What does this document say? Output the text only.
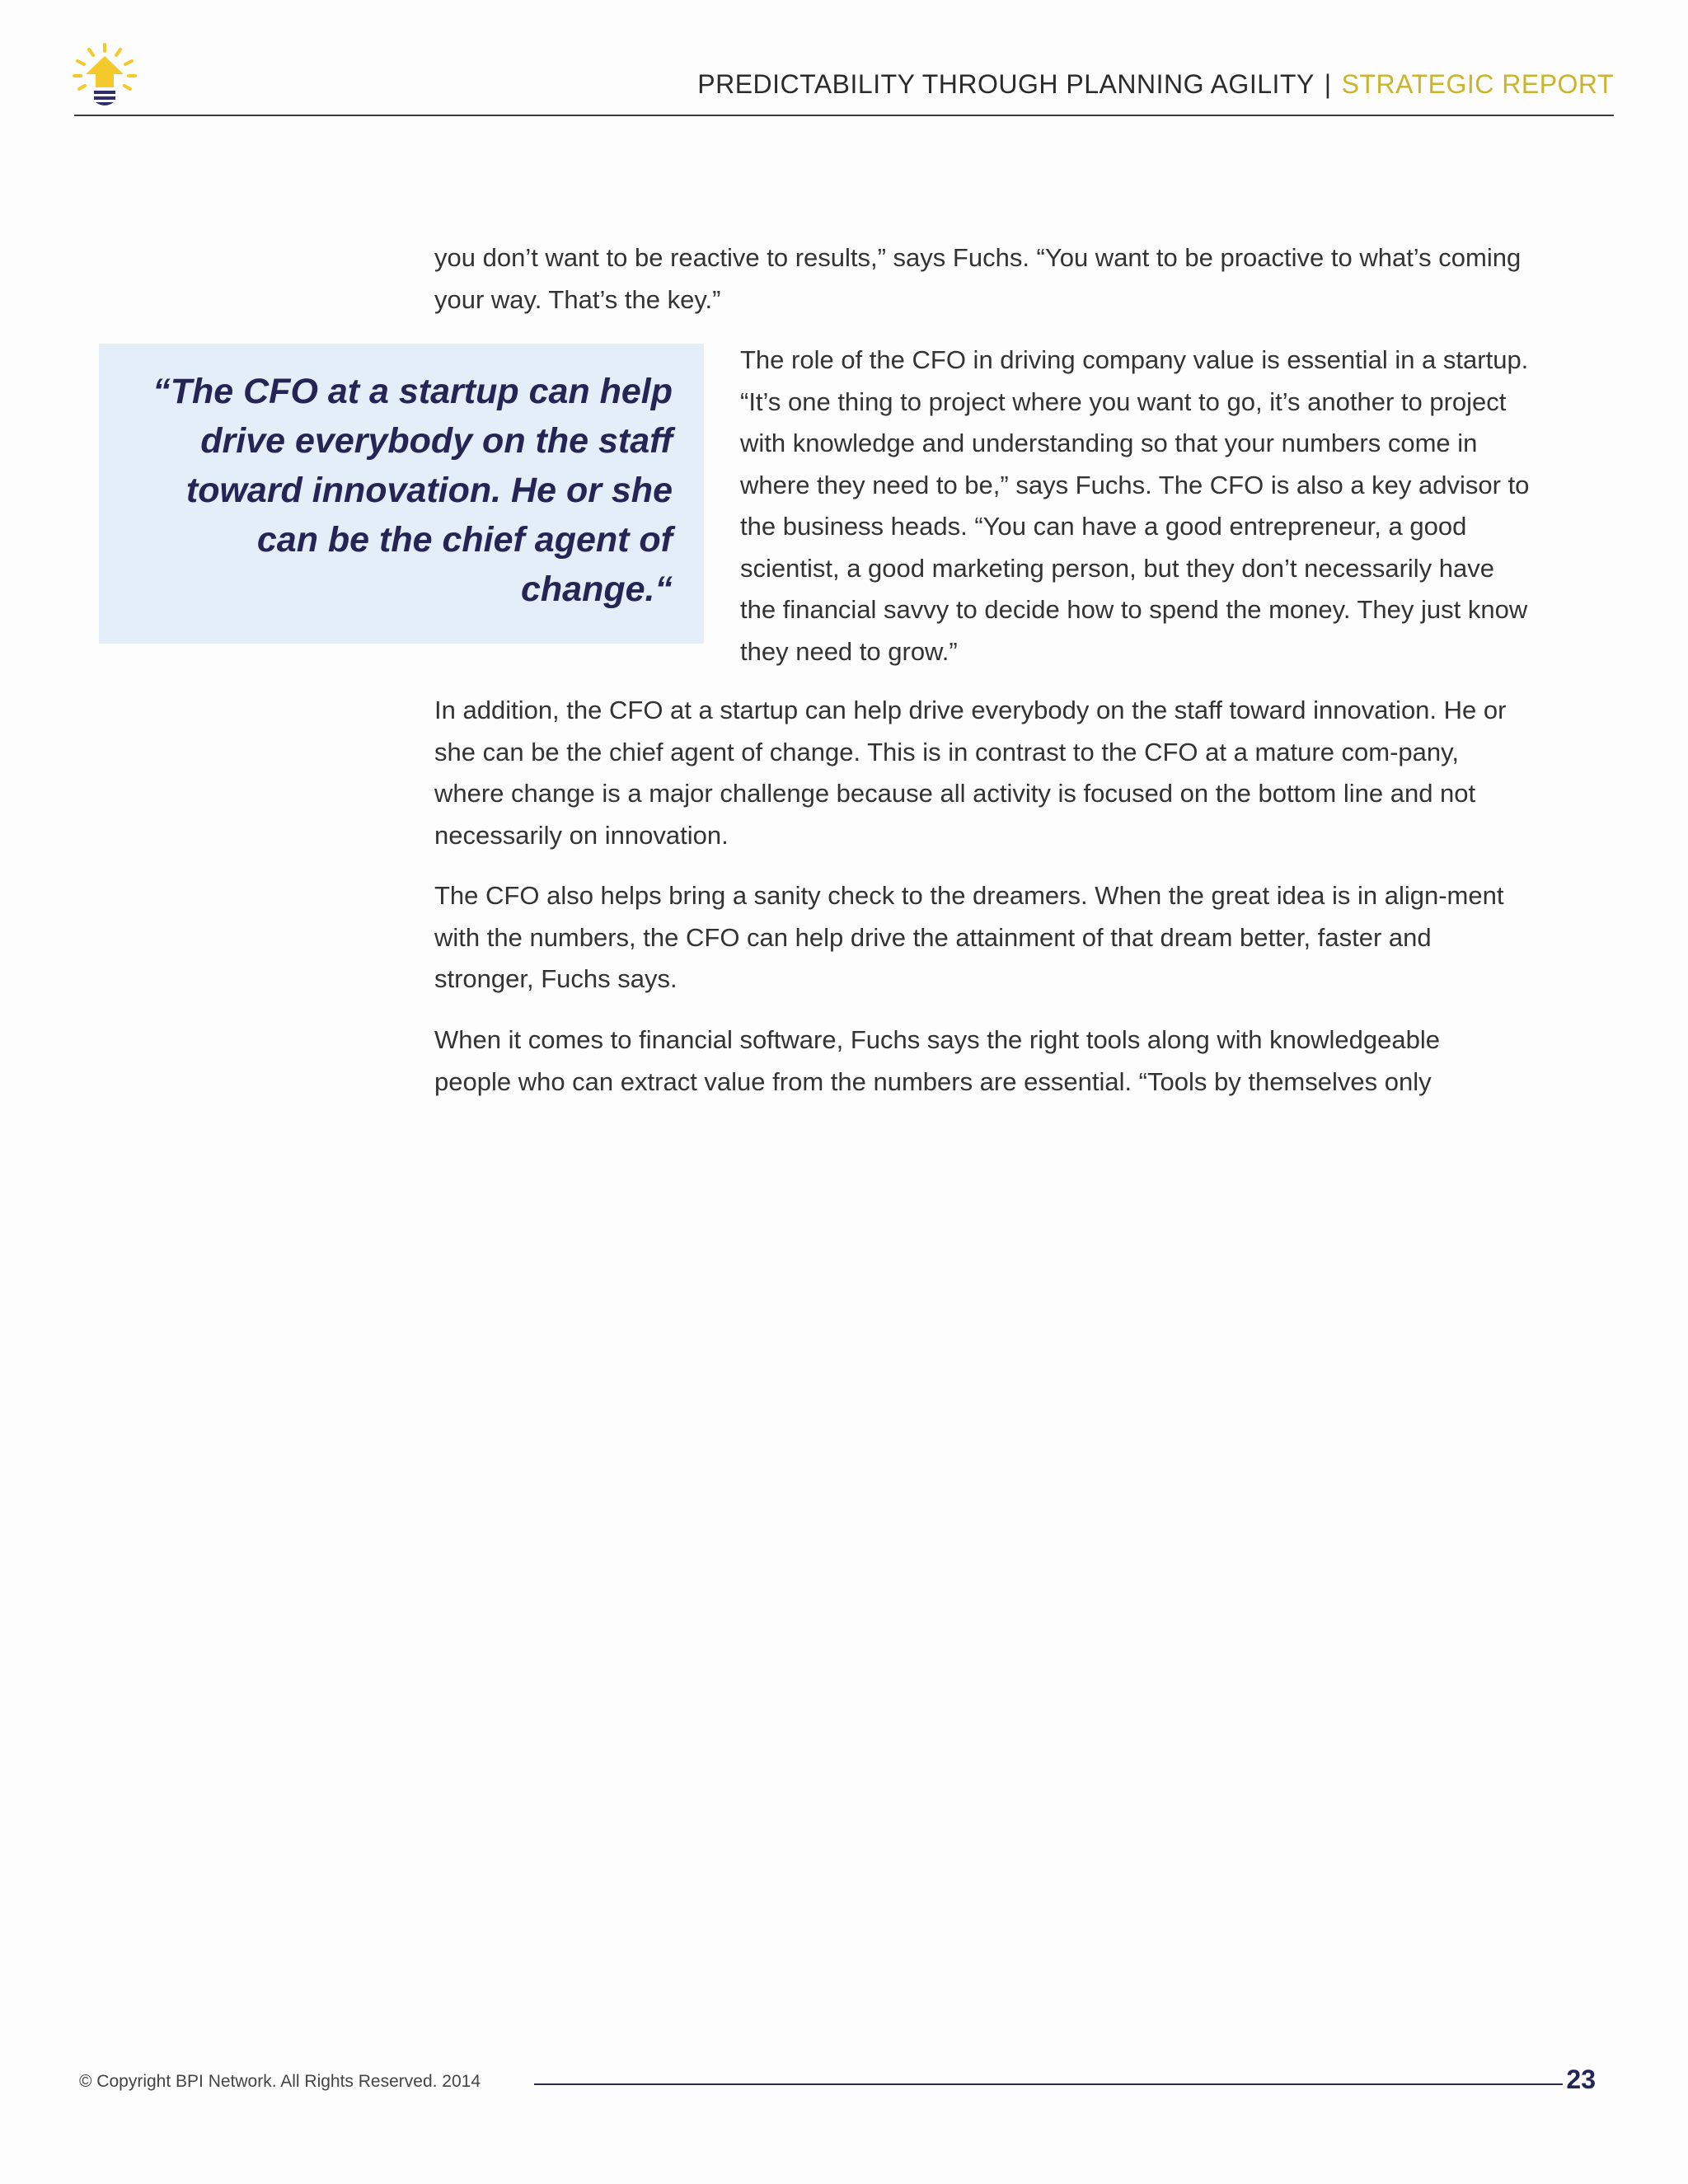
PREDICTABILITY THROUGH PLANNING AGILITY | STRATEGIC REPORT

you don’t want to be reactive to results,” says Fuchs. “You want to be proactive to what’s coming your way. That’s the key.”

“The CFO at a startup can help drive everybody on the staff toward innovation. He or she can be the chief agent of change.“

The role of the CFO in driving company value is essential in a startup. “It’s one thing to project where you want to go, it’s another to project with knowledge and understanding so that your numbers come in where they need to be,” says Fuchs. The CFO is also a key advisor to the business heads. “You can have a good entrepreneur, a good scientist, a good marketing person, but they don’t necessarily have the financial savvy to decide how to spend the money. They just know they need to grow.”

In addition, the CFO at a startup can help drive everybody on the staff toward innovation. He or she can be the chief agent of change. This is in contrast to the CFO at a mature com-pany, where change is a major challenge because all activity is focused on the bottom line and not necessarily on innovation.

The CFO also helps bring a sanity check to the dreamers. When the great idea is in align-ment with the numbers, the CFO can help drive the attainment of that dream better, faster and stronger, Fuchs says.

When it comes to financial software, Fuchs says the right tools along with knowledgeable people who can extract value from the numbers are essential. “Tools by themselves only

© Copyright BPI Network. All Rights Reserved. 2014	23
